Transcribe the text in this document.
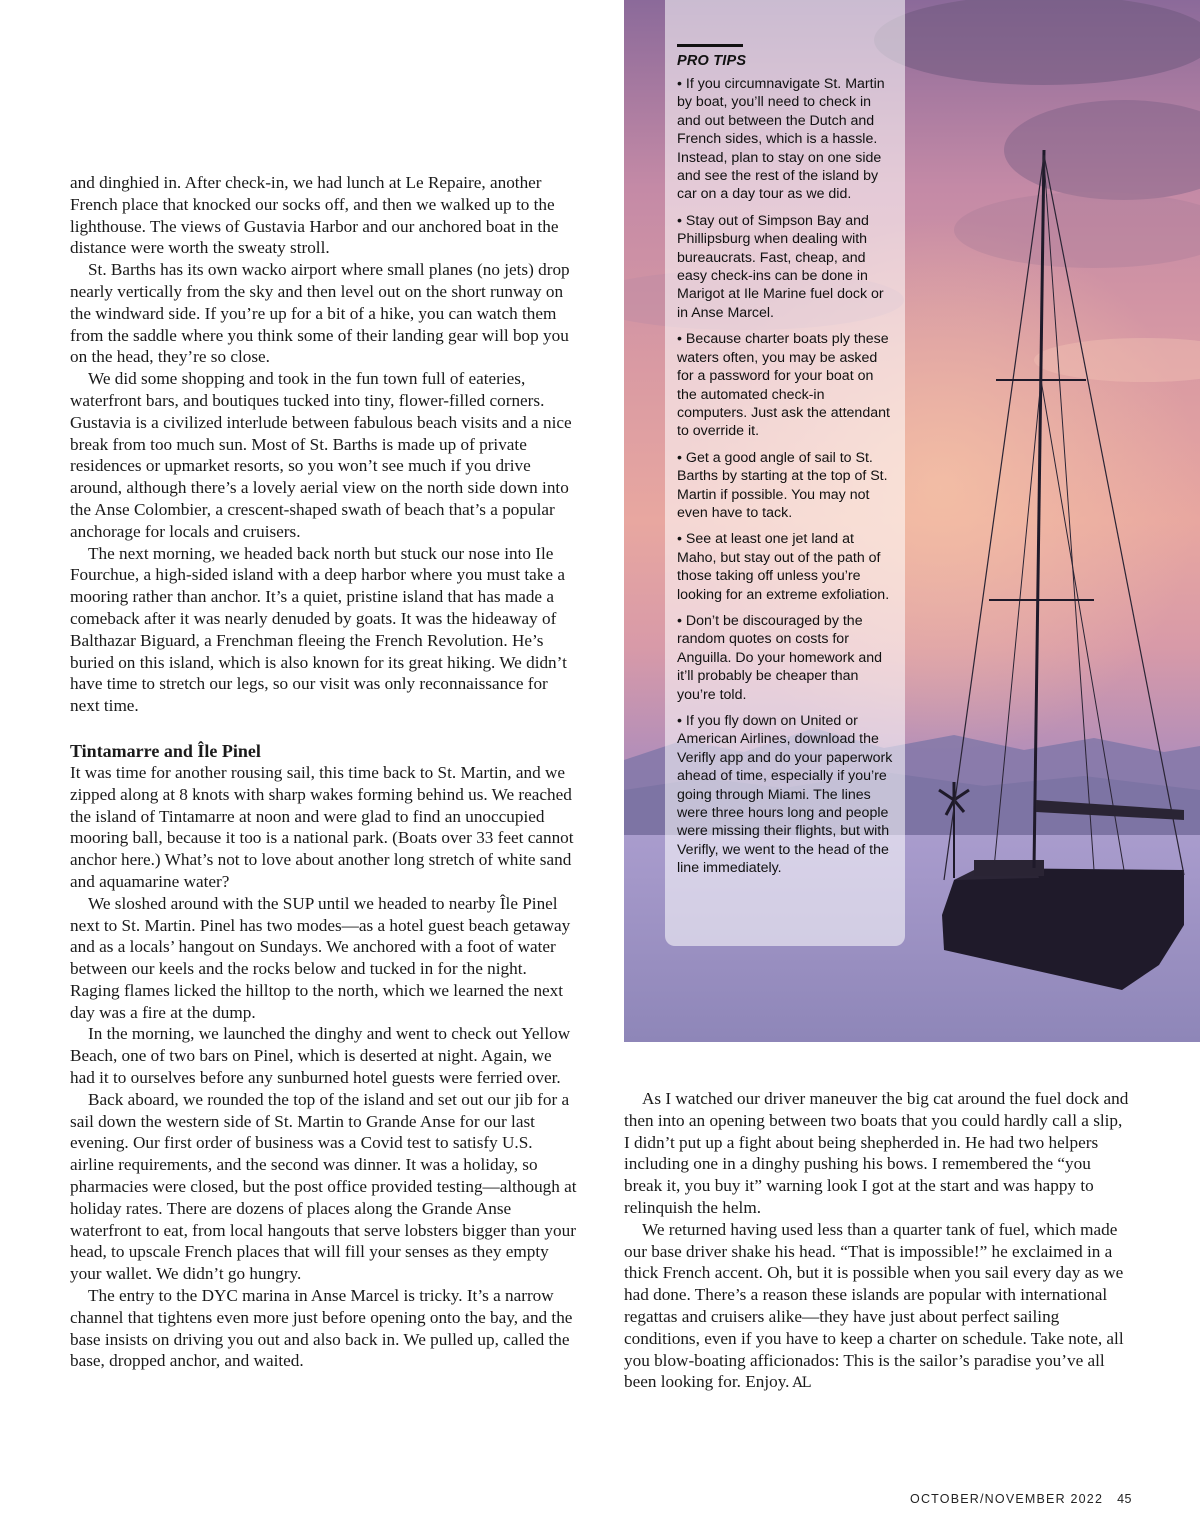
PRO TIPS

• If you circumnavigate St. Martin by boat, you’ll need to check in and out between the Dutch and French sides, which is a hassle. Instead, plan to stay on one side and see the rest of the island by car on a day tour as we did.

• Stay out of Simpson Bay and Phillipsburg when dealing with bureaucrats. Fast, cheap, and easy check-ins can be done in Marigot at Ile Marine fuel dock or in Anse Marcel.

• Because charter boats ply these waters often, you may be asked for a password for your boat on the automated check-in computers. Just ask the attendant to override it.

• Get a good angle of sail to St. Barths by starting at the top of St. Martin if possible. You may not even have to tack.

• See at least one jet land at Maho, but stay out of the path of those taking off unless you’re looking for an extreme exfoliation.

• Don’t be discouraged by the random quotes on costs for Anguilla. Do your homework and it’ll probably be cheaper than you’re told.

• If you fly down on United or American Airlines, download the Verifly app and do your paperwork ahead of time, especially if you’re going through Miami. The lines were three hours long and people were missing their flights, but with Verifly, we went to the head of the line immediately.

and dinghied in. After check-in, we had lunch at Le Repaire, another French place that knocked our socks off, and then we walked up to the lighthouse. The views of Gustavia Harbor and our anchored boat in the distance were worth the sweaty stroll.

St. Barths has its own wacko airport where small planes (no jets) drop nearly vertically from the sky and then level out on the short runway on the windward side. If you’re up for a bit of a hike, you can watch them from the saddle where you think some of their landing gear will bop you on the head, they’re so close.

We did some shopping and took in the fun town full of eateries, waterfront bars, and boutiques tucked into tiny, flower-filled corners. Gustavia is a civilized interlude between fabulous beach visits and a nice break from too much sun. Most of St. Barths is made up of private residences or upmarket resorts, so you won’t see much if you drive around, although there’s a lovely aerial view on the north side down into the Anse Colombier, a crescent-shaped swath of beach that’s a popular anchorage for locals and cruisers.

The next morning, we headed back north but stuck our nose into Ile Fourchue, a high-sided island with a deep harbor where you must take a mooring rather than anchor. It’s a quiet, pristine island that has made a comeback after it was nearly denuded by goats. It was the hideaway of Balthazar Biguard, a Frenchman fleeing the French Revolution. He’s buried on this island, which is also known for its great hiking. We didn’t have time to stretch our legs, so our visit was only reconnaissance for next time.

Tintamarre and Île Pinel

It was time for another rousing sail, this time back to St. Martin, and we zipped along at 8 knots with sharp wakes forming behind us. We reached the island of Tintamarre at noon and were glad to find an unoccupied mooring ball, because it too is a national park. (Boats over 33 feet cannot anchor here.) What’s not to love about another long stretch of white sand and aquamarine water?

We sloshed around with the SUP until we headed to nearby Île Pinel next to St. Martin. Pinel has two modes—as a hotel guest beach getaway and as a locals’ hangout on Sundays. We anchored with a foot of water between our keels and the rocks below and tucked in for the night. Raging flames licked the hilltop to the north, which we learned the next day was a fire at the dump.

In the morning, we launched the dinghy and went to check out Yellow Beach, one of two bars on Pinel, which is deserted at night. Again, we had it to ourselves before any sunburned hotel guests were ferried over.

Back aboard, we rounded the top of the island and set out our jib for a sail down the western side of St. Martin to Grande Anse for our last evening. Our first order of business was a Covid test to satisfy U.S. airline requirements, and the second was dinner. It was a holiday, so pharmacies were closed, but the post office provided testing—although at holiday rates. There are dozens of places along the Grande Anse waterfront to eat, from local hangouts that serve lobsters bigger than your head, to upscale French places that will fill your senses as they empty your wallet. We didn’t go hungry.

The entry to the DYC marina in Anse Marcel is tricky. It’s a narrow channel that tightens even more just before opening onto the bay, and the base insists on driving you out and also back in. We pulled up, called the base, dropped anchor, and waited.

As I watched our driver maneuver the big cat around the fuel dock and then into an opening between two boats that you could hardly call a slip, I didn’t put up a fight about being shepherded in. He had two helpers including one in a dinghy pushing his bows. I remembered the “you break it, you buy it” warning look I got at the start and was happy to relinquish the helm.

We returned having used less than a quarter tank of fuel, which made our base driver shake his head. “That is impossible!” he exclaimed in a thick French accent. Oh, but it is possible when you sail every day as we had done. There’s a reason these islands are popular with international regattas and cruisers alike—they have just about perfect sailing conditions, even if you have to keep a charter on schedule. Take note, all you blow-boating afficionados: This is the sailor’s paradise you’ve all been looking for. Enjoy. AL

OCTOBER/NOVEMBER 2022 45
